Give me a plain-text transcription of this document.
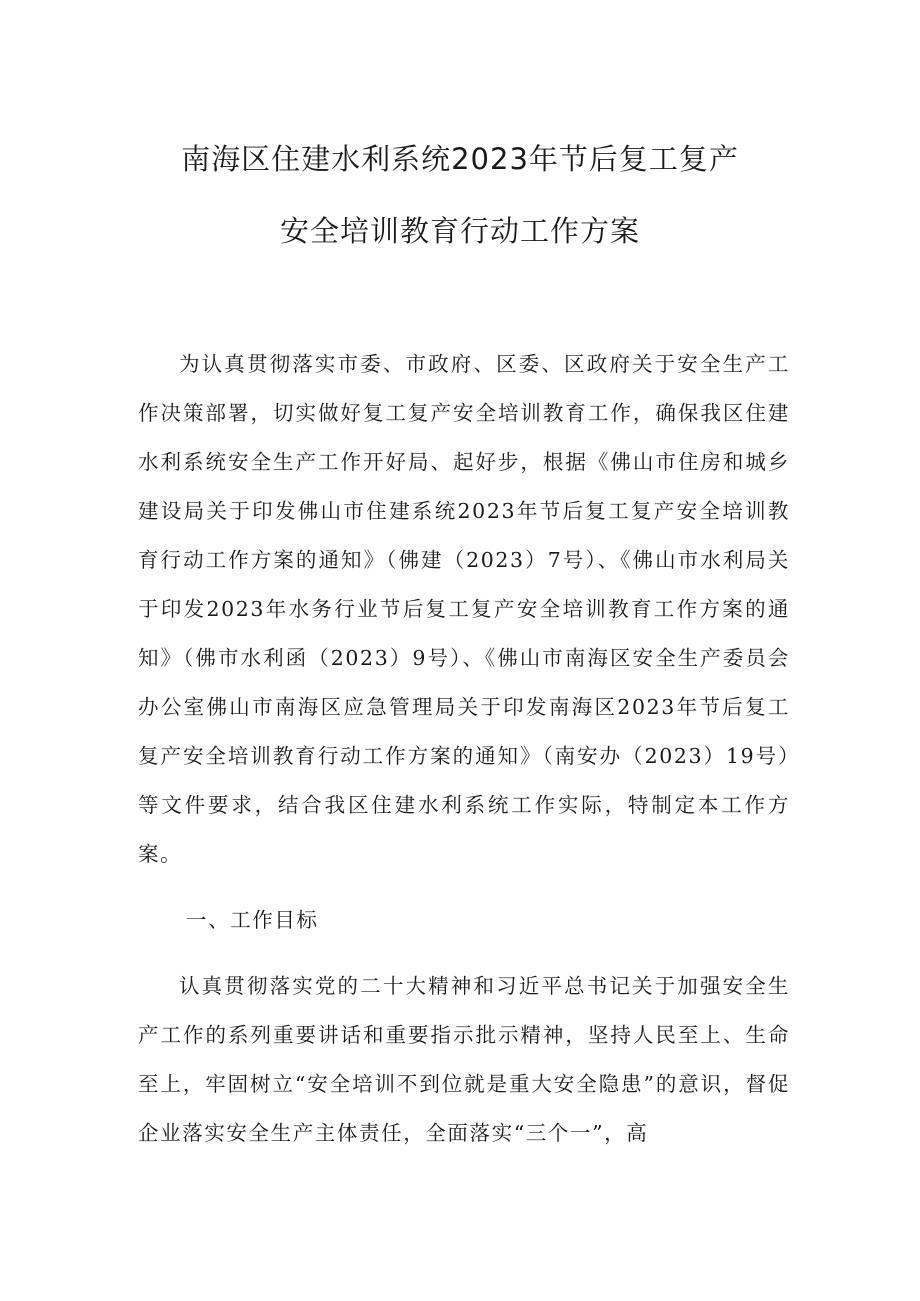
南海区住建水利系统2023年节后复工复产
安全培训教育行动工作方案

为认真贯彻落实市委、市政府、区委、区政府关于安全生产工作决策部署，切实做好复工复产安全培训教育工作，确保我区住建水利系统安全生产工作开好局、起好步，根据《佛山市住房和城乡建设局关于印发佛山市住建系统2023年节后复工复产安全培训教育行动工作方案的通知》（佛建（2023）7号）、《佛山市水利局关于印发2023年水务行业节后复工复产安全培训教育工作方案的通知》（佛市水利函（2023）9号）、《佛山市南海区安全生产委员会办公室佛山市南海区应急管理局关于印发南海区2023年节后复工复产安全培训教育行动工作方案的通知》（南安办（2023）19号）等文件要求，结合我区住建水利系统工作实际，特制定本工作方案。

一、工作目标

认真贯彻落实党的二十大精神和习近平总书记关于加强安全生产工作的系列重要讲话和重要指示批示精神，坚持人民至上、生命至上，牢固树立“安全培训不到位就是重大安全隐患”的意识，督促企业落实安全生产主体责任，全面落实“三个一”，高
